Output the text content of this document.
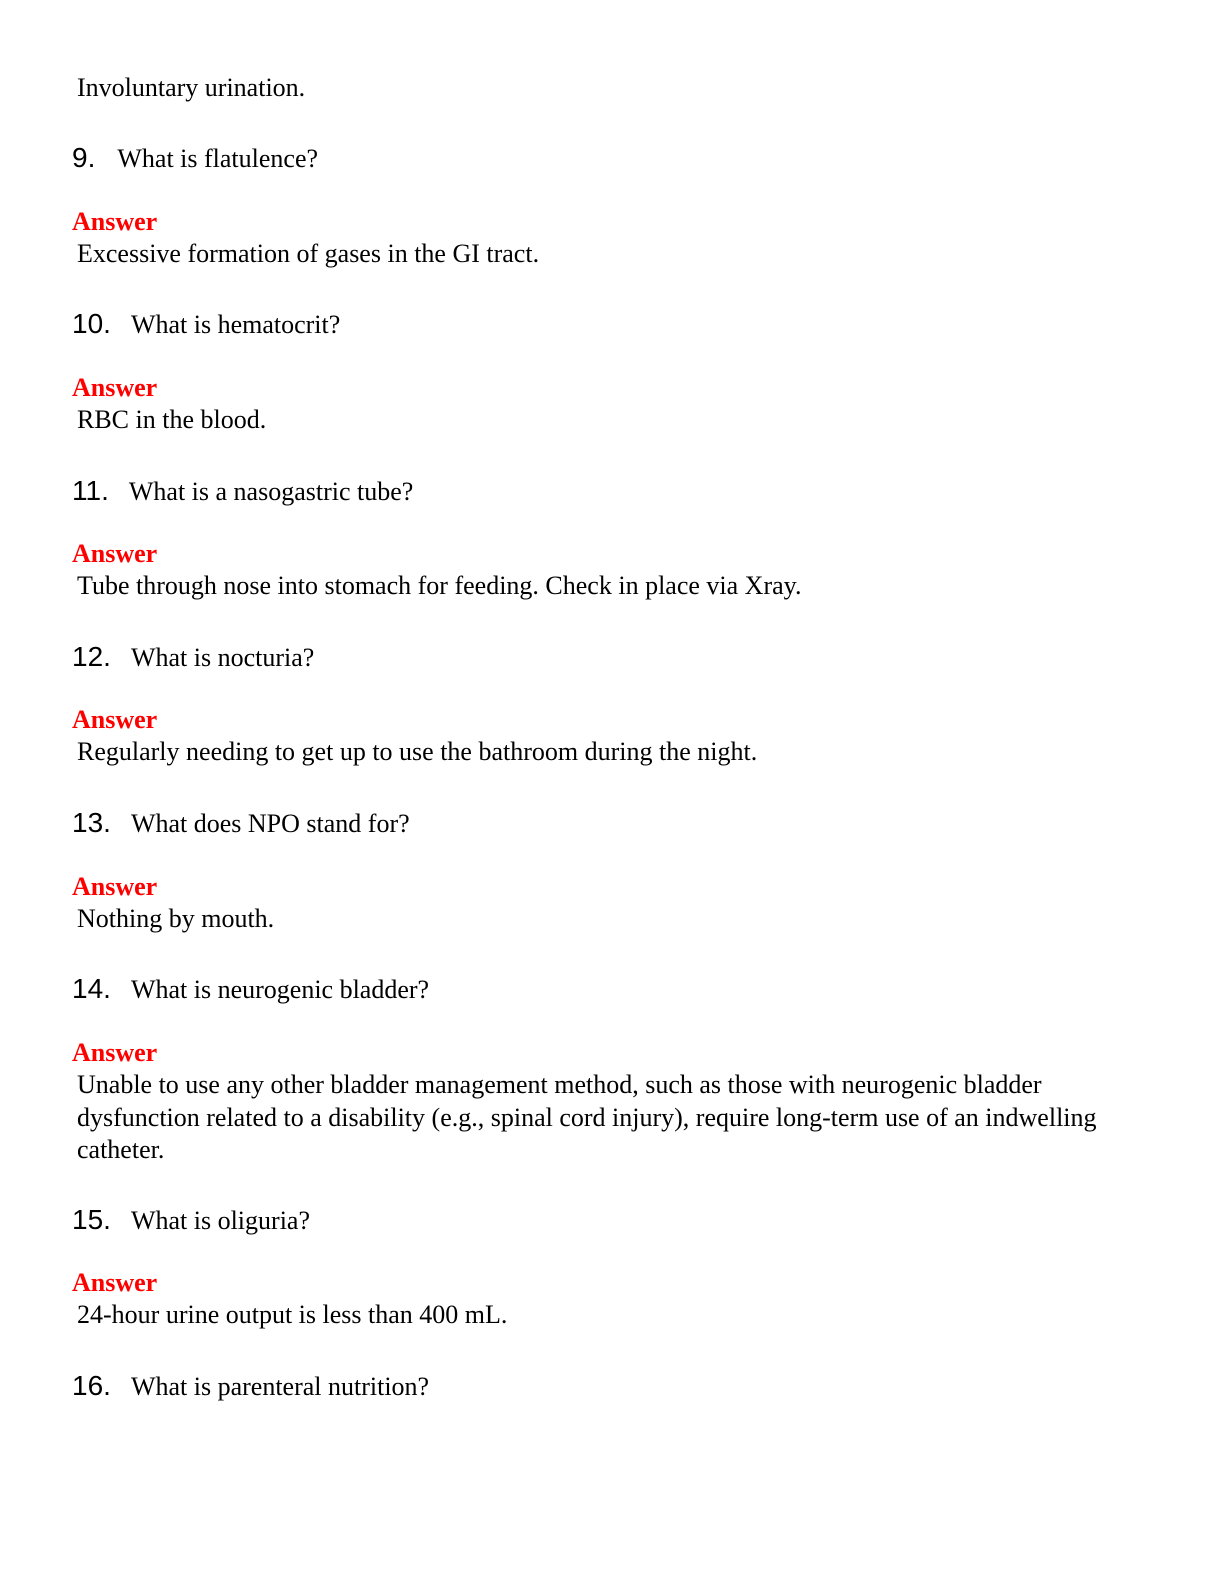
Involuntary urination.
9. What is flatulence?
Answer
Excessive formation of gases in the GI tract.
10. What is hematocrit?
Answer
RBC in the blood.
11. What is a nasogastric tube?
Answer
Tube through nose into stomach for feeding. Check in place via Xray.
12. What is nocturia?
Answer
Regularly needing to get up to use the bathroom during the night.
13. What does NPO stand for?
Answer
Nothing by mouth.
14. What is neurogenic bladder?
Answer
Unable to use any other bladder management method, such as those with neurogenic bladder dysfunction related to a disability (e.g., spinal cord injury), require long-term use of an indwelling catheter.
15. What is oliguria?
Answer
24-hour urine output is less than 400 mL.
16. What is parenteral nutrition?
